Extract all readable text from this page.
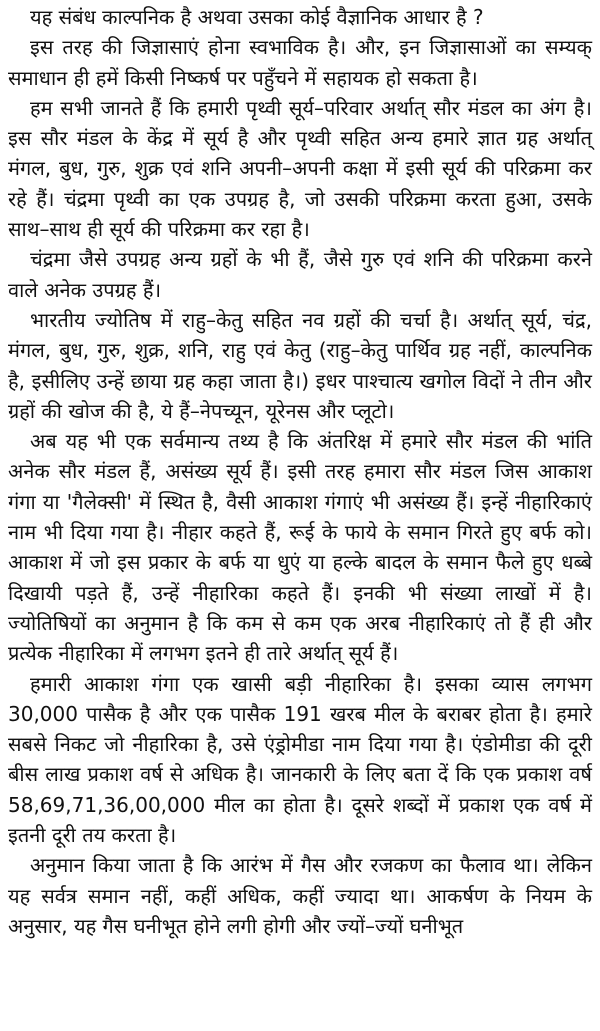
यह संबंध काल्पनिक है अथवा उसका कोई वैज्ञानिक आधार है ?

इस तरह की जिज्ञासाएं होना स्वभाविक है। और, इन जिज्ञासाओं का सम्यक् समाधान ही हमें किसी निष्कर्ष पर पहुँचने में सहायक हो सकता है।

हम सभी जानते हैं कि हमारी पृथ्वी सूर्य–परिवार अर्थात् सौर मंडल का अंग है। इस सौर मंडल के केंद्र में सूर्य है और पृथ्वी सहित अन्य हमारे ज्ञात ग्रह अर्थात् मंगल, बुध, गुरु, शुक्र एवं शनि अपनी–अपनी कक्षा में इसी सूर्य की परिक्रमा कर रहे हैं। चंद्रमा पृथ्वी का एक उपग्रह है, जो उसकी परिक्रमा करता हुआ, उसके साथ–साथ ही सूर्य की परिक्रमा कर रहा है।

चंद्रमा जैसे उपग्रह अन्य ग्रहों के भी हैं, जैसे गुरु एवं शनि की परिक्रमा करने वाले अनेक उपग्रह हैं।

भारतीय ज्योतिष में राहु–केतु सहित नव ग्रहों की चर्चा है। अर्थात् सूर्य, चंद्र, मंगल, बुध, गुरु, शुक्र, शनि, राहु एवं केतु (राहु–केतु पार्थिव ग्रह नहीं, काल्पनिक है, इसीलिए उन्हें छाया ग्रह कहा जाता है।) इधर पाश्चात्य खगोल विदों ने तीन और ग्रहों की खोज की है, ये हैं–नेपच्यून, यूरेनस और प्लूटो।

अब यह भी एक सर्वमान्य तथ्य है कि अंतरिक्ष में हमारे सौर मंडल की भांति अनेक सौर मंडल हैं, असंख्य सूर्य हैं। इसी तरह हमारा सौर मंडल जिस आकाश गंगा या 'गैलेक्सी' में स्थित है, वैसी आकाश गंगाएं भी असंख्य हैं। इन्हें नीहारिकाएं नाम भी दिया गया है। नीहार कहते हैं, रूई के फाये के समान गिरते हुए बर्फ को। आकाश में जो इस प्रकार के बर्फ या धुएं या हल्के बादल के समान फैले हुए धब्बे दिखायी पड़ते हैं, उन्हें नीहारिका कहते हैं। इनकी भी संख्या लाखों में है। ज्योतिषियों का अनुमान है कि कम से कम एक अरब नीहारिकाएं तो हैं ही और प्रत्येक नीहारिका में लगभग इतने ही तारे अर्थात् सूर्य हैं।

हमारी आकाश गंगा एक खासी बड़ी नीहारिका है। इसका व्यास लगभग 30,000 पासैक है और एक पासैक 191 खरब मील के बराबर होता है। हमारे सबसे निकट जो नीहारिका है, उसे एंड्रोमीडा नाम दिया गया है। एंडोमीडा की दूरी बीस लाख प्रकाश वर्ष से अधिक है। जानकारी के लिए बता दें कि एक प्रकाश वर्ष 58,69,71,36,00,000 मील का होता है। दूसरे शब्दों में प्रकाश एक वर्ष में इतनी दूरी तय करता है।

अनुमान किया जाता है कि आरंभ में गैस और रजकण का फैलाव था। लेकिन यह सर्वत्र समान नहीं, कहीं अधिक, कहीं ज्यादा था। आकर्षण के नियम के अनुसार, यह गैस घनीभूत होने लगी होगी और ज्यों–ज्यों घनीभूत
